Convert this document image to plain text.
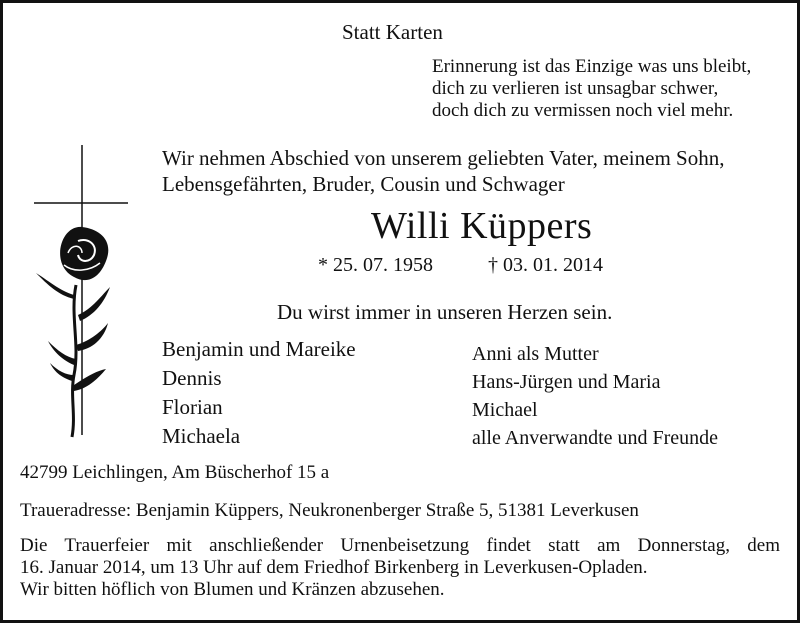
Statt Karten
Erinnerung ist das Einzige was uns bleibt,
dich zu verlieren ist unsagbar schwer,
doch dich zu vermissen noch viel mehr.
Wir nehmen Abschied von unserem geliebten Vater, meinem Sohn,
Lebensgefährten, Bruder, Cousin und Schwager
Willi Küppers
* 25. 07. 1958	† 03. 01. 2014
Du wirst immer in unseren Herzen sein.
Benjamin und Mareike
Dennis
Florian
Michaela
Anni als Mutter
Hans-Jürgen und Maria
Michael
alle Anverwandte und Freunde
42799 Leichlingen, Am Büscherhof 15 a
Traueradresse: Benjamin Küppers, Neukronenberger Straße 5, 51381 Leverkusen
Die Trauerfeier mit anschließender Urnenbeisetzung findet statt am Donnerstag, dem
16. Januar 2014, um 13 Uhr auf dem Friedhof Birkenberg in Leverkusen-Opladen.
Wir bitten höflich von Blumen und Kränzen abzusehen.
